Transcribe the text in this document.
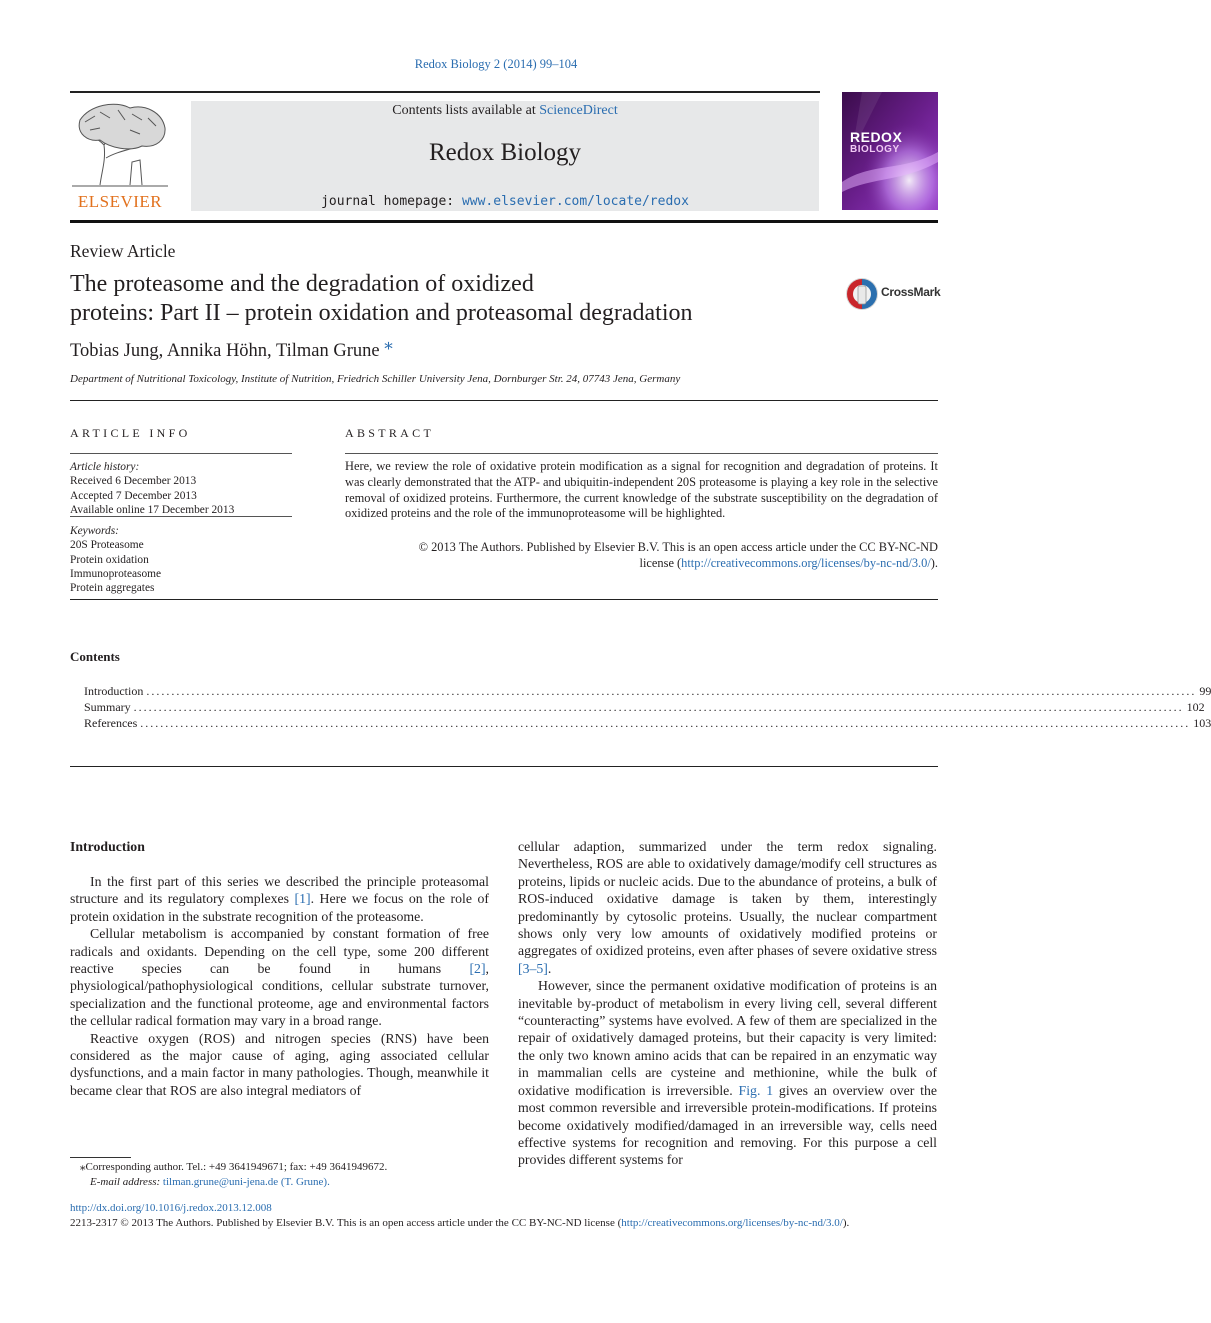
Redox Biology 2 (2014) 99–104
ELSEVIER
Contents lists available at ScienceDirect
Redox Biology
journal homepage: www.elsevier.com/locate/redox
REDOX
BIOLOGY
Review Article
The proteasome and the degradation of oxidized
proteins: Part II – protein oxidation and proteasomal degradation
CrossMark
Tobias Jung, Annika Höhn, Tilman Grune ⁎
Department of Nutritional Toxicology, Institute of Nutrition, Friedrich Schiller University Jena, Dornburger Str. 24, 07743 Jena, Germany
ARTICLE INFO
Article history:
Received 6 December 2013
Accepted 7 December 2013
Available online 17 December 2013
Keywords:
20S Proteasome
Protein oxidation
Immunoproteasome
Protein aggregates
ABSTRACT
Here, we review the role of oxidative protein modification as a signal for recognition and degradation of proteins. It was clearly demonstrated that the ATP- and ubiquitin-independent 20S proteasome is playing a key role in the selective removal of oxidized proteins. Furthermore, the current knowledge of the substrate susceptibility on the degradation of oxidized proteins and the role of the immunoproteasome will be highlighted.
© 2013 The Authors. Published by Elsevier B.V. This is an open access article under the CC BY-NC-ND
license (http://creativecommons.org/licenses/by-nc-nd/3.0/).
Contents
Introduction .................................................................................................................................................................................................................. 99
Summary .................................................................................................................................................................................................................. 102
References .................................................................................................................................................................................................................. 103
Introduction

In the first part of this series we described the principle proteasomal structure and its regulatory complexes [1]. Here we focus on the role of protein oxidation in the substrate recognition of the proteasome.

Cellular metabolism is accompanied by constant formation of free radicals and oxidants. Depending on the cell type, some 200 different reactive species can be found in humans [2], physiological/pathophysiological conditions, cellular substrate turnover, specialization and the functional proteome, age and environmental factors the cellular radical formation may vary in a broad range.

Reactive oxygen (ROS) and nitrogen species (RNS) have been considered as the major cause of aging, aging associated cellular dysfunctions, and a main factor in many pathologies. Though, meanwhile it became clear that ROS are also integral mediators of

cellular adaption, summarized under the term redox signaling. Nevertheless, ROS are able to oxidatively damage/modify cell structures as proteins, lipids or nucleic acids. Due to the abundance of proteins, a bulk of ROS-induced oxidative damage is taken by them, interestingly predominantly by cytosolic proteins. Usually, the nuclear compartment shows only very low amounts of oxidatively modified proteins or aggregates of oxidized proteins, even after phases of severe oxidative stress [3–5].

However, since the permanent oxidative modification of proteins is an inevitable by-product of metabolism in every living cell, several different “counteracting” systems have evolved. A few of them are specialized in the repair of oxidatively damaged proteins, but their capacity is very limited: the only two known amino acids that can be repaired in an enzymatic way in mammalian cells are cysteine and methionine, while the bulk of oxidative modification is irreversible. Fig. 1 gives an overview over the most common reversible and irreversible protein-modifications. If proteins become oxidatively modified/damaged in an irreversible way, cells need effective systems for recognition and removing. For this purpose a cell provides different systems for

⁎Corresponding author. Tel.: +49 3641949671; fax: +49 3641949672.
E-mail address: tilman.grune@uni-jena.de (T. Grune).
http://dx.doi.org/10.1016/j.redox.2013.12.008
2213-2317 © 2013 The Authors. Published by Elsevier B.V. This is an open access article under the CC BY-NC-ND license (http://creativecommons.org/licenses/by-nc-nd/3.0/).
